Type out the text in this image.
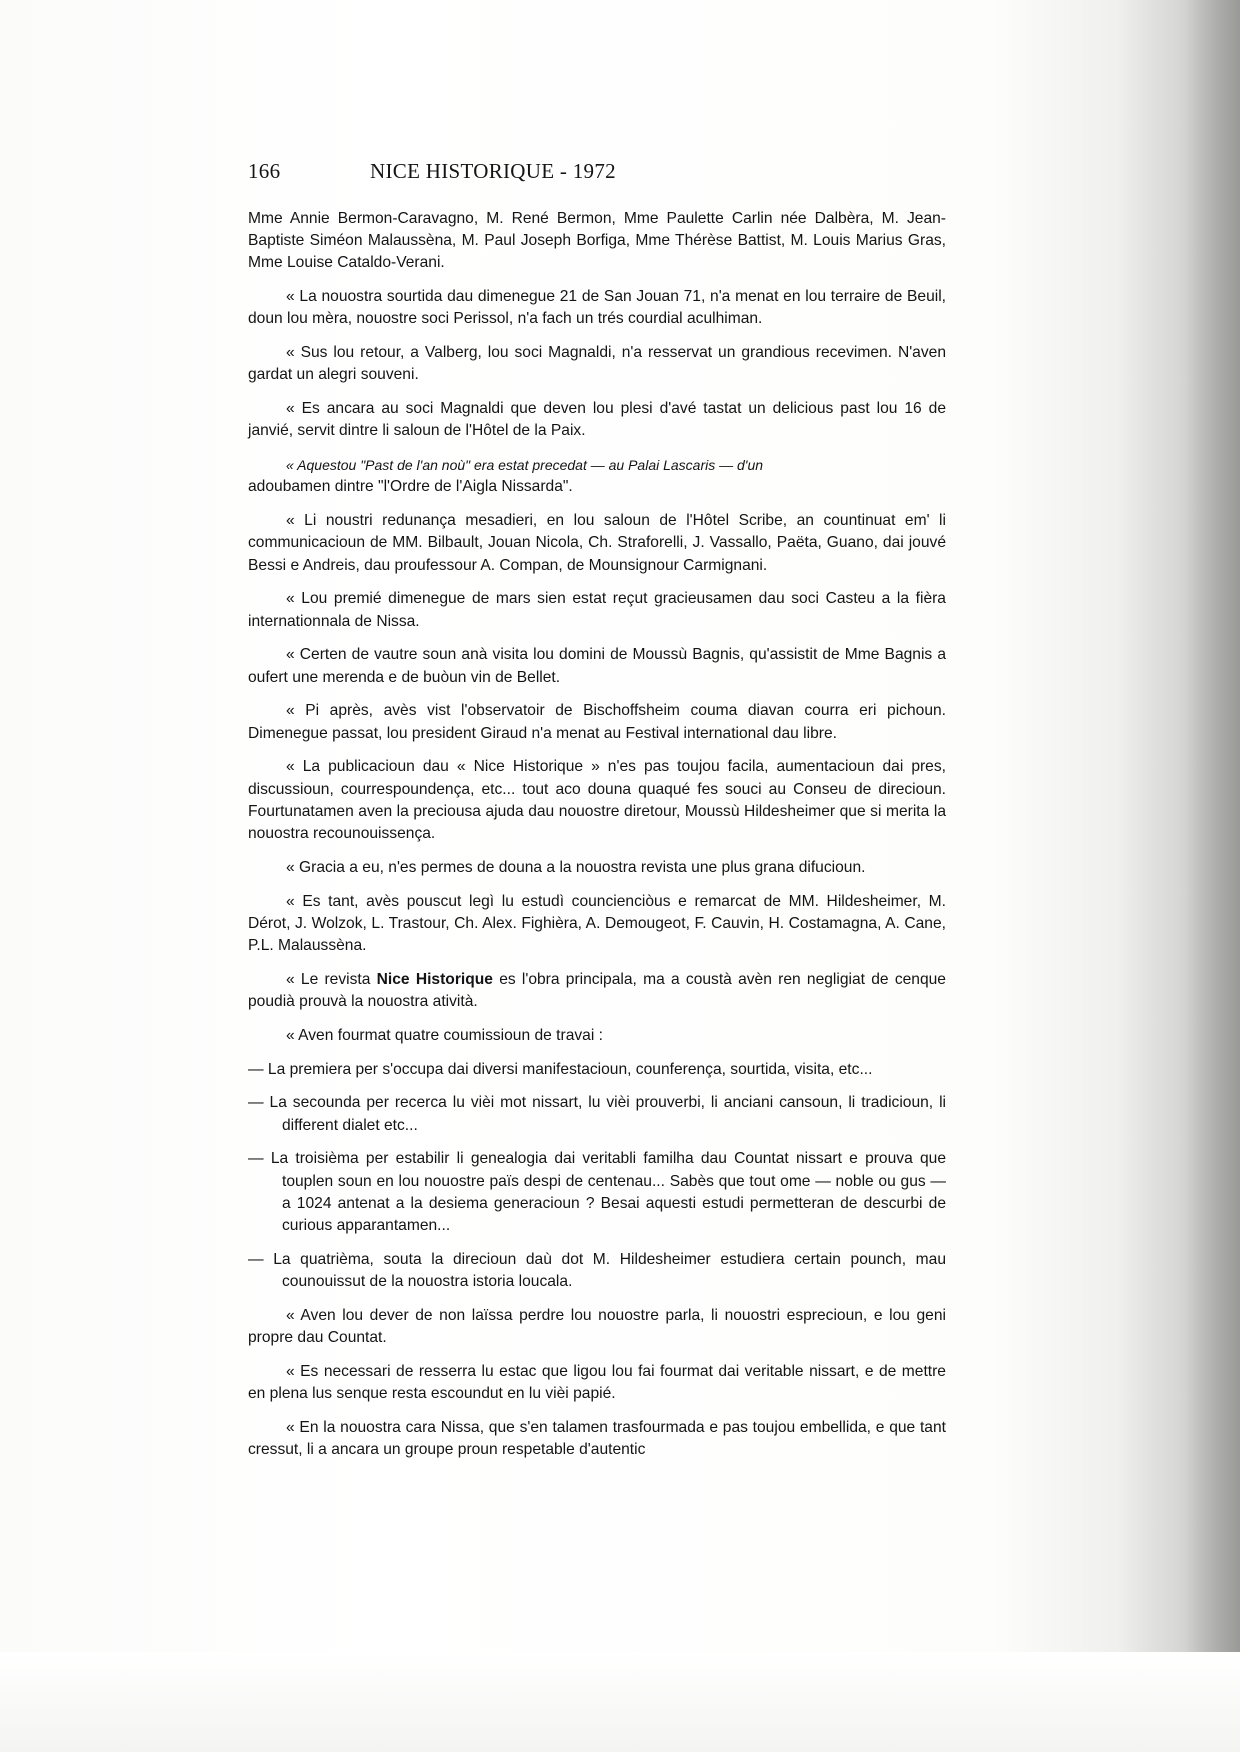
166	NICE HISTORIQUE - 1972

Mme Annie Bermon-Caravagno, M. René Bermon, Mme Paulette Carlin née Dalbèra, M. Jean-Baptiste Siméon Malaussèna, M. Paul Joseph Borfiga, Mme Thérèse Battist, M. Louis Marius Gras, Mme Louise Cataldo-Verani.

« La nouostra sourtida dau dimenegue 21 de San Jouan 71, n'a menat en lou terraire de Beuil, doun lou mèra, nouostre soci Perissol, n'a fach un trés courdial aculhiman.

« Sus lou retour, a Valberg, lou soci Magnaldi, n'a resservat un grandious recevimen. N'aven gardat un alegri souveni.

« Es ancara au soci Magnaldi que deven lou plesi d'avé tastat un delicious past lou 16 de janvié, servit dintre li saloun de l'Hôtel de la Paix.

« Aquestou "Past de l'an noù" era estat precedat — au Palai Lascaris — d'un

adoubamen dintre "l'Ordre de l'Aigla Nissarda".

« Li noustri redunança mesadieri, en lou saloun de l'Hôtel Scribe, an countinuat em' li communicacioun de MM. Bilbault, Jouan Nicola, Ch. Straforelli, J. Vassallo, Paëta, Guano, dai jouvé Bessi e Andreis, dau proufessour A. Compan, de Mounsignour Carmignani.

« Lou premié dimenegue de mars sien estat reçut gracieusamen dau soci Casteu a la fièra internationnala de Nissa.

« Certen de vautre soun anà visita lou domini de Moussù Bagnis, qu'assistit de Mme Bagnis a oufert une merenda e de buòun vin de Bellet.

« Pi après, avès vist l'observatoir de Bischoffsheim couma diavan courra eri pichoun. Dimenegue passat, lou president Giraud n'a menat au Festival international dau libre.

« La publicacioun dau « Nice Historique » n'es pas toujou facila, aumentacioun dai pres, discussioun, courrespoundença, etc... tout aco douna quaqué fes souci au Conseu de direcioun. Fourtunatamen aven la preciousa ajuda dau nouostre diretour, Moussù Hildesheimer que si merita la nouostra recounouissença.

« Gracia a eu, n'es permes de douna a la nouostra revista une plus grana difucioun.

« Es tant, avès pouscut legì lu estudì councienciòus e remarcat de MM. Hildesheimer, M. Dérot, J. Wolzok, L. Trastour, Ch. Alex. Fighièra, A. Demougeot, F. Cauvin, H. Costamagna, A. Cane, P.L. Malaussèna.

« Le revista Nice Historique es l'obra principala, ma a coustà avèn ren negligiat de cenque poudià prouvà la nouostra atività.

« Aven fourmat quatre coumissioun de travai :

— La premiera per s'occupa dai diversi manifestacioun, counferença, sourtida, visita, etc...

— La secounda per recerca lu vièi mot nissart, lu vièi prouverbi, li anciani cansoun, li tradicioun, li different dialet etc...

— La troisièma per estabilir li genealogia dai veritabli familha dau Countat nissart e prouva que touplen soun en lou nouostre païs despi de centenau... Sabès que tout ome — noble ou gus — a 1024 antenat a la desiema generacioun ? Besai aquesti estudi permetteran de descurbi de curious apparantamen...

— La quatrièma, souta la direcioun daù dot M. Hildesheimer estudiera certain pounch, mau counouissut de la nouostra istoria loucala.

« Aven lou dever de non laïssa perdre lou nouostre parla, li nouostri esprecioun, e lou geni propre dau Countat.

« Es necessari de resserra lu estac que ligou lou fai fourmat dai veritable nissart, e de mettre en plena lus senque resta escoundut en lu vièi papié.

« En la nouostra cara Nissa, que s'en talamen trasfourmada e pas toujou embellida, e que tant cressut, li a ancara un groupe proun respetable d'autentic
